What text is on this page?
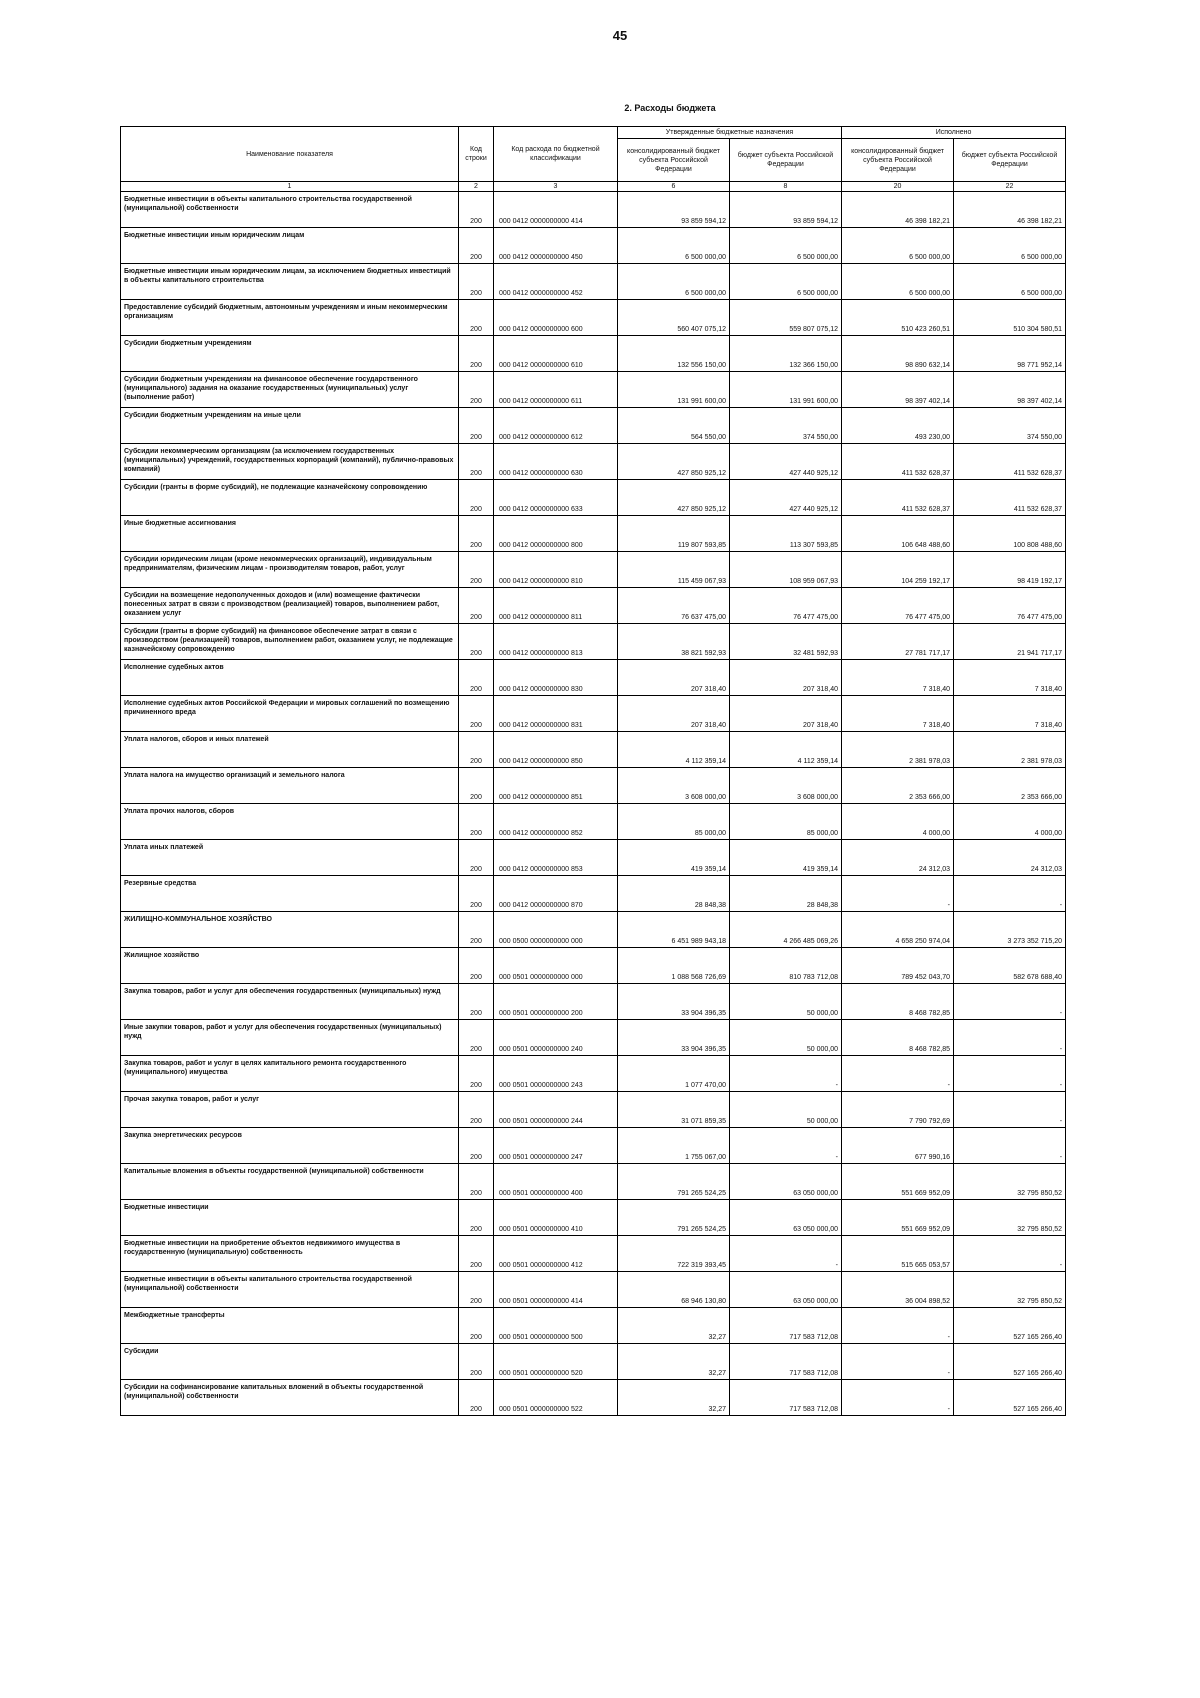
45
2. Расходы бюджета
Наименование показателя	Код строки	Код расхода по бюджетной классификации	Утвержденные бюджетные назначения		Исполнено	
			консолидированный бюджет субъекта Российской Федерации	бюджет субъекта Российской Федерации	консолидированный бюджет субъекта Российской Федерации	бюджет субъекта Российской Федерации
1	2	3	6	8	20	22
Бюджетные инвестиции в объекты капитального строительства государственной (муниципальной) собственности	200	000 0412 0000000000 414	93 859 594,12	93 859 594,12	46 398 182,21	46 398 182,21
Бюджетные инвестиции иным юридическим лицам	200	000 0412 0000000000 450	6 500 000,00	6 500 000,00	6 500 000,00	6 500 000,00
Бюджетные инвестиции иным юридическим лицам, за исключением бюджетных инвестиций в объекты капитального строительства	200	000 0412 0000000000 452	6 500 000,00	6 500 000,00	6 500 000,00	6 500 000,00
Предоставление субсидий бюджетным, автономным учреждениям и иным некоммерческим организациям	200	000 0412 0000000000 600	560 407 075,12	559 807 075,12	510 423 260,51	510 304 580,51
Субсидии бюджетным учреждениям	200	000 0412 0000000000 610	132 556 150,00	132 366 150,00	98 890 632,14	98 771 952,14
Субсидии бюджетным учреждениям на финансовое обеспечение государственного (муниципального) задания на оказание государственных (муниципальных) услуг (выполнение работ)	200	000 0412 0000000000 611	131 991 600,00	131 991 600,00	98 397 402,14	98 397 402,14
Субсидии бюджетным учреждениям на иные цели	200	000 0412 0000000000 612	564 550,00	374 550,00	493 230,00	374 550,00
Субсидии некоммерческим организациям (за исключением государственных (муниципальных) учреждений, государственных корпораций (компаний), публично-правовых компаний)	200	000 0412 0000000000 630	427 850 925,12	427 440 925,12	411 532 628,37	411 532 628,37
Субсидии (гранты в форме субсидий), не подлежащие казначейскому сопровождению	200	000 0412 0000000000 633	427 850 925,12	427 440 925,12	411 532 628,37	411 532 628,37
Иные бюджетные ассигнования	200	000 0412 0000000000 800	119 807 593,85	113 307 593,85	106 648 488,60	100 808 488,60
Субсидии юридическим лицам (кроме некоммерческих организаций), индивидуальным предпринимателям, физическим лицам - производителям товаров, работ, услуг	200	000 0412 0000000000 810	115 459 067,93	108 959 067,93	104 259 192,17	98 419 192,17
Субсидии на возмещение недополученных доходов и (или) возмещение фактически понесенных затрат в связи с производством (реализацией) товаров, выполнением работ, оказанием услуг	200	000 0412 0000000000 811	76 637 475,00	76 477 475,00	76 477 475,00	76 477 475,00
Субсидии (гранты в форме субсидий) на финансовое обеспечение затрат в связи с производством (реализацией) товаров, выполнением работ, оказанием услуг, не подлежащие казначейскому сопровождению	200	000 0412 0000000000 813	38 821 592,93	32 481 592,93	27 781 717,17	21 941 717,17
Исполнение судебных актов	200	000 0412 0000000000 830	207 318,40	207 318,40	7 318,40	7 318,40
Исполнение судебных актов Российской Федерации и мировых соглашений по возмещению причиненного вреда	200	000 0412 0000000000 831	207 318,40	207 318,40	7 318,40	7 318,40
Уплата налогов, сборов и иных платежей	200	000 0412 0000000000 850	4 112 359,14	4 112 359,14	2 381 978,03	2 381 978,03
Уплата налога на имущество организаций и земельного налога	200	000 0412 0000000000 851	3 608 000,00	3 608 000,00	2 353 666,00	2 353 666,00
Уплата прочих налогов, сборов	200	000 0412 0000000000 852	85 000,00	85 000,00	4 000,00	4 000,00
Уплата иных платежей	200	000 0412 0000000000 853	419 359,14	419 359,14	24 312,03	24 312,03
Резервные средства	200	000 0412 0000000000 870	28 848,38	28 848,38	-	-
ЖИЛИЩНО-КОММУНАЛЬНОЕ ХОЗЯЙСТВО	200	000 0500 0000000000 000	6 451 989 943,18	4 266 485 069,26	4 658 250 974,04	3 273 352 715,20
Жилищное хозяйство	200	000 0501 0000000000 000	1 088 568 726,69	810 783 712,08	789 452 043,70	582 678 688,40
Закупка товаров, работ и услуг для обеспечения государственных (муниципальных) нужд	200	000 0501 0000000000 200	33 904 396,35	50 000,00	8 468 782,85	-
Иные закупки товаров, работ и услуг для обеспечения государственных (муниципальных) нужд	200	000 0501 0000000000 240	33 904 396,35	50 000,00	8 468 782,85	-
Закупка товаров, работ и услуг в целях капитального ремонта государственного (муниципального) имущества	200	000 0501 0000000000 243	1 077 470,00	-	-	-
Прочая закупка товаров, работ и услуг	200	000 0501 0000000000 244	31 071 859,35	50 000,00	7 790 792,69	-
Закупка энергетических ресурсов	200	000 0501 0000000000 247	1 755 067,00	-	677 990,16	-
Капитальные вложения в объекты государственной (муниципальной) собственности	200	000 0501 0000000000 400	791 265 524,25	63 050 000,00	551 669 952,09	32 795 850,52
Бюджетные инвестиции	200	000 0501 0000000000 410	791 265 524,25	63 050 000,00	551 669 952,09	32 795 850,52
Бюджетные инвестиции на приобретение объектов недвижимого имущества в государственную (муниципальную) собственность	200	000 0501 0000000000 412	722 319 393,45	-	515 665 053,57	-
Бюджетные инвестиции в объекты капитального строительства государственной (муниципальной) собственности	200	000 0501 0000000000 414	68 946 130,80	63 050 000,00	36 004 898,52	32 795 850,52
Межбюджетные трансферты	200	000 0501 0000000000 500	32,27	717 583 712,08	-	527 165 266,40
Субсидии	200	000 0501 0000000000 520	32,27	717 583 712,08	-	527 165 266,40
Субсидии на софинансирование капитальных вложений в объекты государственной (муниципальной) собственности	200	000 0501 0000000000 522	32,27	717 583 712,08	-	527 165 266,40
